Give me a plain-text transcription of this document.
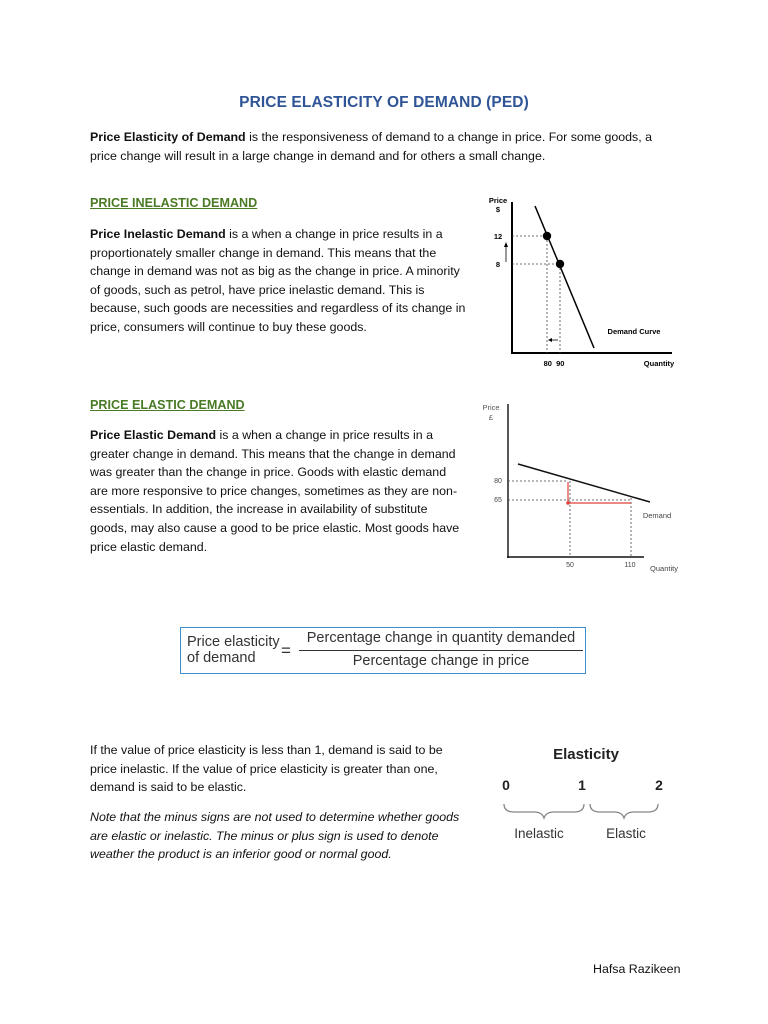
PRICE ELASTICITY OF DEMAND (PED)
Price Elasticity of Demand is the responsiveness of demand to a change in price. For some goods, a
price change will result in a large change in demand and for others a small change.
PRICE INELASTIC DEMAND
Price Inelastic Demand is a when a change in price results in a
proportionately smaller change in demand. This means that the
change in demand was not as big as the change in price. A minority
of goods, such as petrol, have price inelastic demand. This is
because, such goods are necessities and regardless of its change in
price, consumers will continue to buy these goods.
Price
$
12
8
80  90	Quantity
Demand Curve
PRICE ELASTIC DEMAND
Price Elastic Demand is a when a change in price results in a
greater change in demand. This means that the change in demand
was greater than the change in price. Goods with elastic demand
are more responsive to price changes, sometimes as they are non-
essentials. In addition, the increase in availability of substitute
goods, may also cause a good to be price elastic. Most goods have
price elastic demand.
Price
£
80
65
50	110 Quantity
Demand
Price elasticity
of demand	=
Percentage change in quantity demanded
Percentage change in price
If the value of price elasticity is less than 1, demand is said to be
price inelastic. If the value of price elasticity is greater than one,
demand is said to be elastic.
Note that the minus signs are not used to determine whether goods
are elastic or inelastic. The minus or plus sign is used to denote
weather the product is an inferior good or normal good.
Elasticity
0	1	2
Inelastic	Elastic
Hafsa Razikeen
